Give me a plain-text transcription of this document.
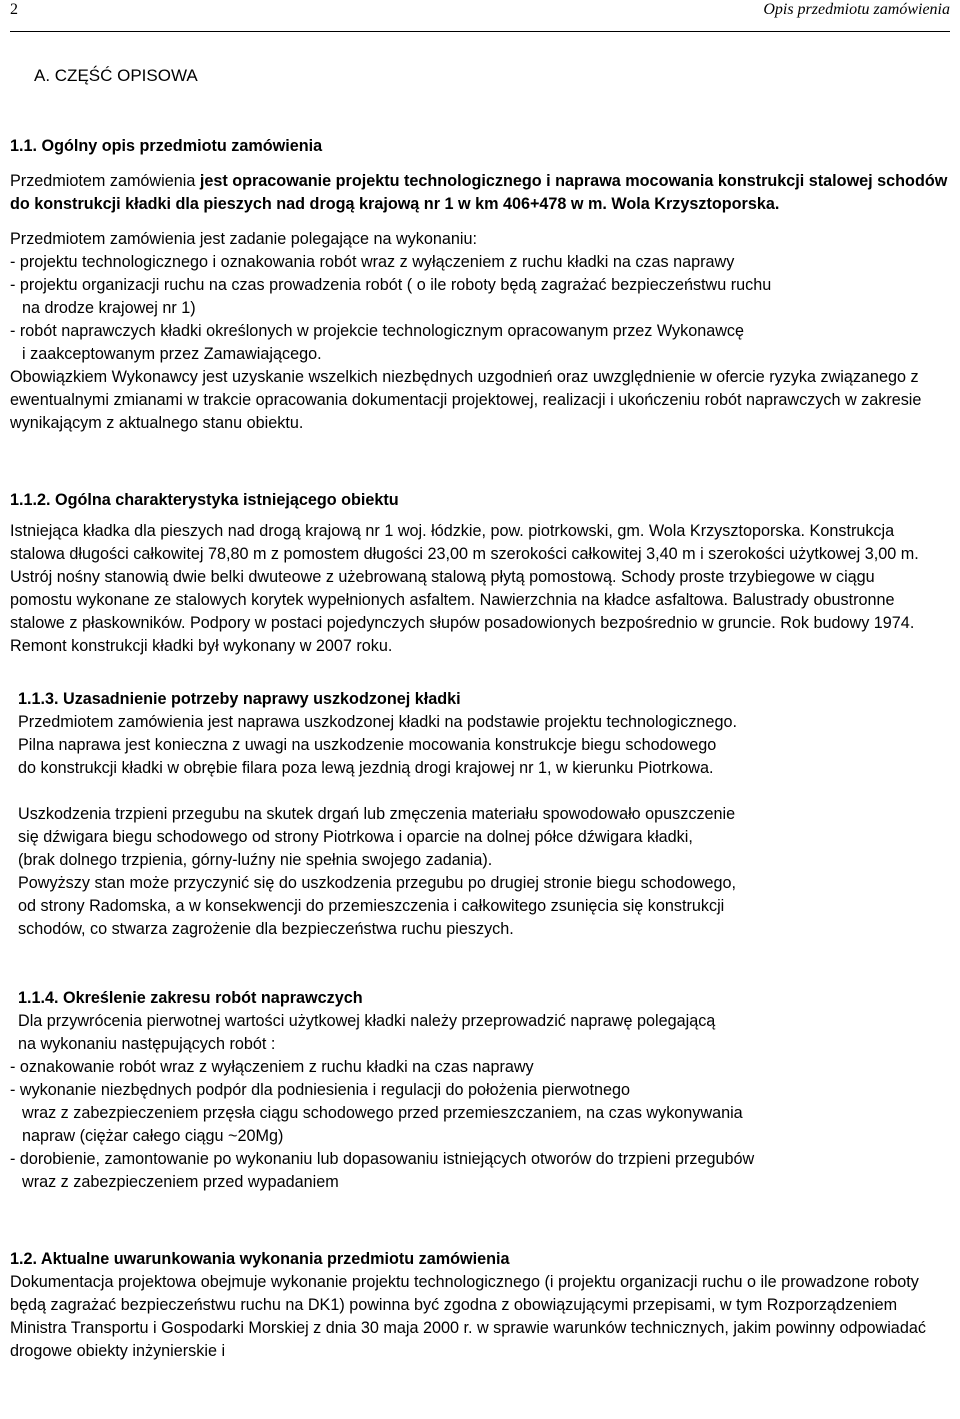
2	Opis przedmiotu zamówienia
A. CZĘŚĆ OPISOWA

1.1. Ogólny opis przedmiotu zamówienia

Przedmiotem zamówienia jest opracowanie projektu technologicznego i naprawa mocowania konstrukcji stalowej schodów do konstrukcji kładki dla pieszych nad drogą krajową nr 1 w km 406+478 w m. Wola Krzysztoporska.

Przedmiotem zamówienia jest zadanie polegające na wykonaniu:

- projektu technologicznego i oznakowania robót wraz z wyłączeniem z ruchu kładki na czas naprawy
- projektu organizacji ruchu na czas prowadzenia robót ( o ile roboty będą zagrażać bezpieczeństwu ruchu
na drodze krajowej nr 1)
- robót naprawczych kładki określonych w projekcie technologicznym opracowanym przez Wykonawcę
i zaakceptowanym przez Zamawiającego.

Obowiązkiem Wykonawcy jest uzyskanie wszelkich niezbędnych uzgodnień oraz uwzględnienie w ofercie ryzyka związanego z ewentualnymi zmianami w trakcie opracowania dokumentacji projektowej, realizacji i ukończeniu robót naprawczych w zakresie wynikającym z aktualnego stanu obiektu.

1.1.2. Ogólna charakterystyka istniejącego obiektu

Istniejąca kładka dla pieszych nad drogą krajową nr 1 woj. łódzkie, pow. piotrkowski, gm. Wola Krzysztoporska. Konstrukcja stalowa długości całkowitej 78,80 m z pomostem długości 23,00 m szerokości całkowitej 3,40 m i szerokości użytkowej 3,00 m. Ustrój nośny stanowią dwie belki dwuteowe z użebrowaną stalową płytą pomostową. Schody proste trzybiegowe w ciągu pomostu wykonane ze stalowych korytek wypełnionych asfaltem. Nawierzchnia na kładce asfaltowa. Balustrady obustronne stalowe z płaskowników. Podpory w postaci pojedynczych słupów posadowionych bezpośrednio w gruncie. Rok budowy 1974. Remont konstrukcji kładki był wykonany w 2007 roku.

1.1.3. Uzasadnienie potrzeby naprawy uszkodzonej kładki

Przedmiotem zamówienia jest naprawa uszkodzonej kładki na podstawie projektu technologicznego.
Pilna naprawa jest konieczna z uwagi na uszkodzenie mocowania konstrukcje biegu schodowego
do konstrukcji kładki w obrębie filara poza lewą jezdnią drogi krajowej nr 1, w kierunku Piotrkowa.
Uszkodzenia trzpieni przegubu na skutek drgań lub zmęczenia materiału spowodowało opuszczenie
się dźwigara biegu schodowego od strony Piotrkowa i oparcie na dolnej półce dźwigara kładki,
(brak dolnego trzpienia, górny-luźny nie spełnia swojego zadania).
Powyższy stan może przyczynić się do uszkodzenia przegubu po drugiej stronie biegu schodowego,
od strony Radomska, a w konsekwencji do przemieszczenia i całkowitego zsunięcia się konstrukcji
schodów, co stwarza zagrożenie dla bezpieczeństwa ruchu pieszych.

1.1.4. Określenie zakresu robót naprawczych

Dla przywrócenia pierwotnej wartości użytkowej kładki należy przeprowadzić naprawę polegającą
na wykonaniu następujących robót :
- oznakowanie robót wraz z wyłączeniem z ruchu kładki na czas naprawy
- wykonanie niezbędnych podpór dla podniesienia i regulacji do położenia pierwotnego
wraz z zabezpieczeniem przęsła ciągu schodowego przed przemieszczaniem, na czas wykonywania
napraw (ciężar całego ciągu ~20Mg)
- dorobienie, zamontowanie po wykonaniu lub dopasowaniu istniejących otworów do trzpieni przegubów
wraz z zabezpieczeniem przed wypadaniem

1.2. Aktualne uwarunkowania wykonania przedmiotu zamówienia

Dokumentacja projektowa obejmuje wykonanie projektu technologicznego (i projektu organizacji ruchu o ile prowadzone roboty będą zagrażać bezpieczeństwu ruchu na DK1) powinna być zgodna z obowiązującymi przepisami, w tym Rozporządzeniem Ministra Transportu i Gospodarki Morskiej z dnia 30 maja 2000 r. w sprawie warunków technicznych, jakim powinny odpowiadać drogowe obiekty inżynierskie i
